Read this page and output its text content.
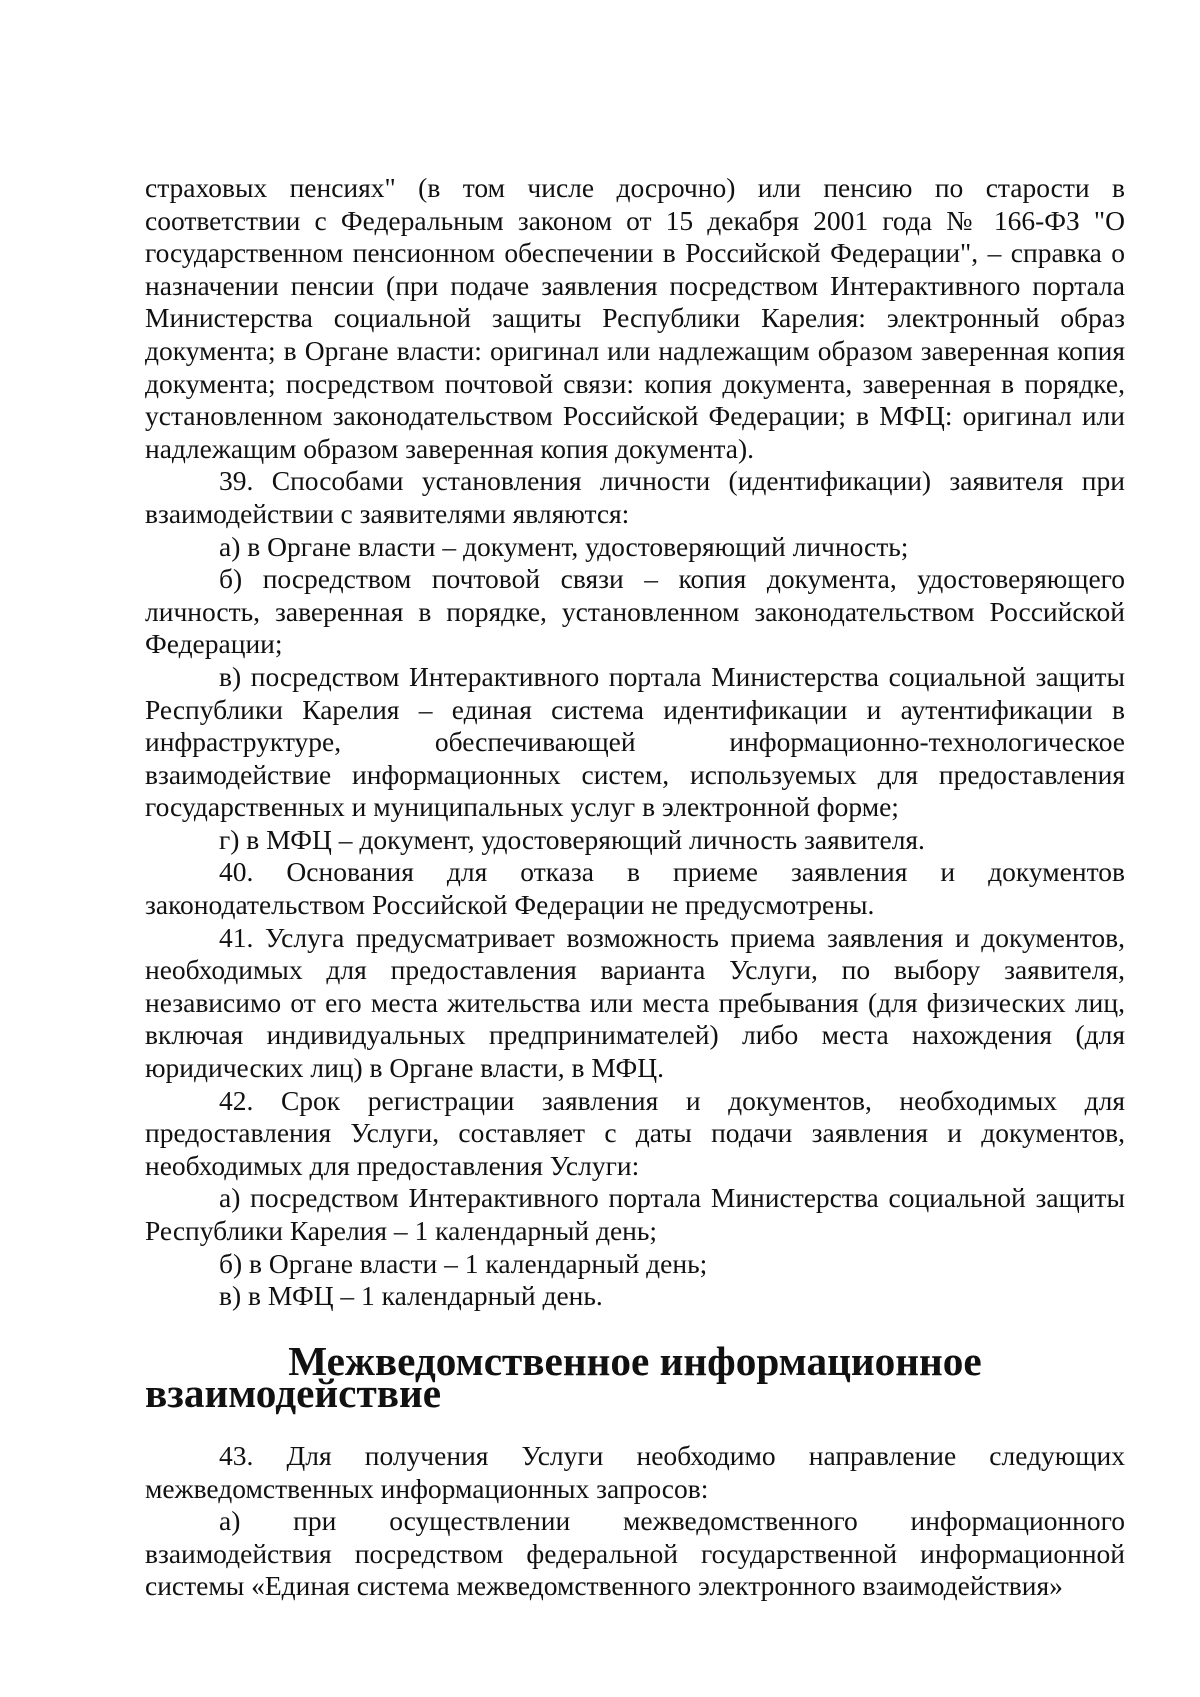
страховых пенсиях" (в том числе досрочно) или пенсию по старости в соответствии с Федеральным законом от 15 декабря 2001 года № 166-ФЗ "О государственном пенсионном обеспечении в Российской Федерации", – справка о назначении пенсии (при подаче заявления посредством Интерактивного портала Министерства социальной защиты Республики Карелия: электронный образ документа; в Органе власти: оригинал или надлежащим образом заверенная копия документа; посредством почтовой связи: копия документа, заверенная в порядке, установленном законодательством Российской Федерации; в МФЦ: оригинал или надлежащим образом заверенная копия документа).

39. Способами установления личности (идентификации) заявителя при взаимодействии с заявителями являются:

а) в Органе власти – документ, удостоверяющий личность;

б) посредством почтовой связи – копия документа, удостоверяющего личность, заверенная в порядке, установленном законодательством Российской Федерации;

в) посредством Интерактивного портала Министерства социальной защиты Республики Карелия – единая система идентификации и аутентификации в инфраструктуре, обеспечивающей информационно-технологическое взаимодействие информационных систем, используемых для предоставления государственных и муниципальных услуг в электронной форме;

г) в МФЦ – документ, удостоверяющий личность заявителя.

40. Основания для отказа в приеме заявления и документов законодательством Российской Федерации не предусмотрены.

41. Услуга предусматривает возможность приема заявления и документов, необходимых для предоставления варианта Услуги, по выбору заявителя, независимо от его места жительства или места пребывания (для физических лиц, включая индивидуальных предпринимателей) либо места нахождения (для юридических лиц) в Органе власти, в МФЦ.

42. Срок регистрации заявления и документов, необходимых для предоставления Услуги, составляет с даты подачи заявления и документов, необходимых для предоставления Услуги:

а) посредством Интерактивного портала Министерства социальной защиты Республики Карелия – 1 календарный день;

б) в Органе власти – 1 календарный день;

в) в МФЦ – 1 календарный день.

Межведомственное информационное взаимодействие

43. Для получения Услуги необходимо направление следующих межведомственных информационных запросов:

а) при осуществлении межведомственного информационного взаимодействия посредством федеральной государственной информационной системы «Единая система межведомственного электронного взаимодействия»
